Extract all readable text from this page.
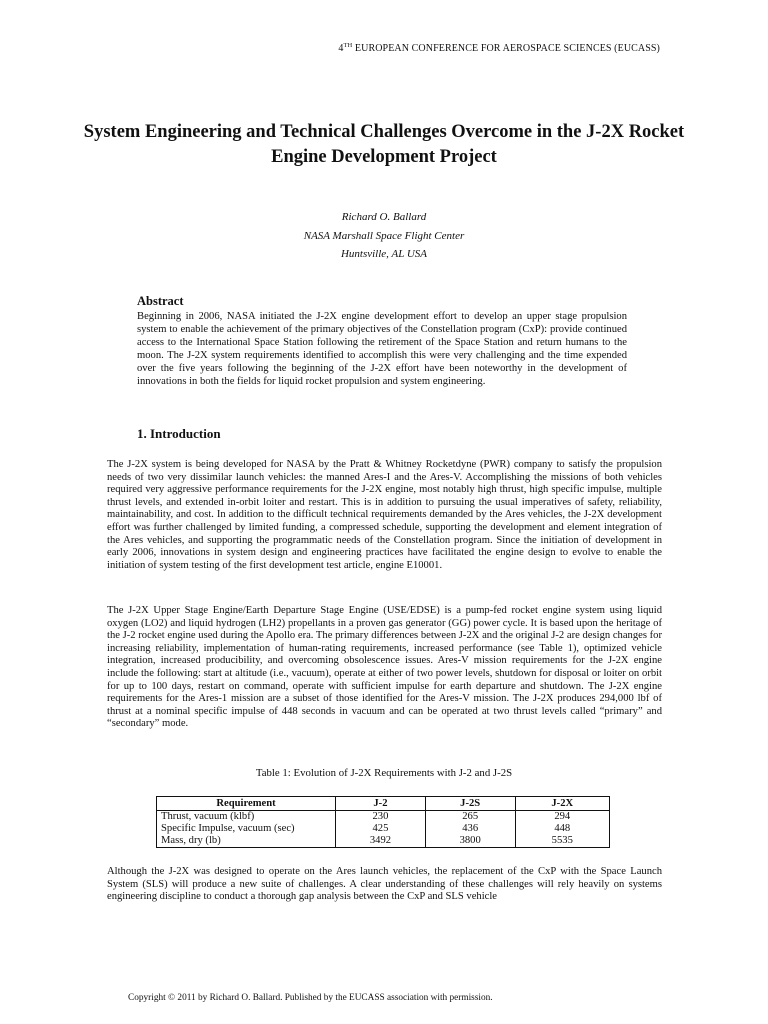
4TH EUROPEAN CONFERENCE FOR AEROSPACE SCIENCES (EUCASS)
System Engineering and Technical Challenges Overcome in the J-2X Rocket Engine Development Project
Richard O. Ballard
NASA Marshall Space Flight Center
Huntsville, AL USA
Abstract

Beginning in 2006, NASA initiated the J-2X engine development effort to develop an upper stage propulsion system to enable the achievement of the primary objectives of the Constellation program (CxP): provide continued access to the International Space Station following the retirement of the Space Station and return humans to the moon. The J-2X system requirements identified to accomplish this were very challenging and the time expended over the five years following the beginning of the J-2X effort have been noteworthy in the development of innovations in both the fields for liquid rocket propulsion and system engineering.

1. Introduction

The J-2X system is being developed for NASA by the Pratt & Whitney Rocketdyne (PWR) company to satisfy the propulsion needs of two very dissimilar launch vehicles: the manned Ares-I and the Ares-V. Accomplishing the missions of both vehicles required very aggressive performance requirements for the J-2X engine, most notably high thrust, high specific impulse, multiple thrust levels, and extended in-orbit loiter and restart. This is in addition to pursuing the usual imperatives of safety, reliability, maintainability, and cost. In addition to the difficult technical requirements demanded by the Ares vehicles, the J-2X development effort was further challenged by limited funding, a compressed schedule, supporting the development and element integration of the Ares vehicles, and supporting the programmatic needs of the Constellation program. Since the initiation of development in early 2006, innovations in system design and engineering practices have facilitated the engine design to evolve to enable the initiation of system testing of the first development test article, engine E10001.

The J-2X Upper Stage Engine/Earth Departure Stage Engine (USE/EDSE) is a pump-fed rocket engine system using liquid oxygen (LO2) and liquid hydrogen (LH2) propellants in a proven gas generator (GG) power cycle. It is based upon the heritage of the J-2 rocket engine used during the Apollo era. The primary differences between J-2X and the original J-2 are design changes for increasing reliability, implementation of human-rating requirements, increased performance (see Table 1), optimized vehicle integration, increased producibility, and overcoming obsolescence issues. Ares-V mission requirements for the J-2X engine include the following: start at altitude (i.e., vacuum), operate at either of two power levels, shutdown for disposal or loiter on orbit for up to 100 days, restart on command, operate with sufficient impulse for earth departure and shutdown. The J-2X engine requirements for the Ares-1 mission are a subset of those identified for the Ares-V mission. The J-2X produces 294,000 lbf of thrust at a nominal specific impulse of 448 seconds in vacuum and can be operated at two thrust levels called “primary” and “secondary” mode.

Table 1: Evolution of J-2X Requirements with J-2 and J-2S

Requirement	J-2	J-2S	J-2X
Thrust, vacuum (klbf)	230	265	294
Specific Impulse, vacuum (sec)	425	436	448
Mass, dry (lb)	3492	3800	5535

Although the J-2X was designed to operate on the Ares launch vehicles, the replacement of the CxP with the Space Launch System (SLS) will produce a new suite of challenges. A clear understanding of these challenges will rely heavily on systems engineering discipline to conduct a thorough gap analysis between the CxP and SLS vehicle

Copyright © 2011 by Richard O. Ballard. Published by the EUCASS association with permission.
